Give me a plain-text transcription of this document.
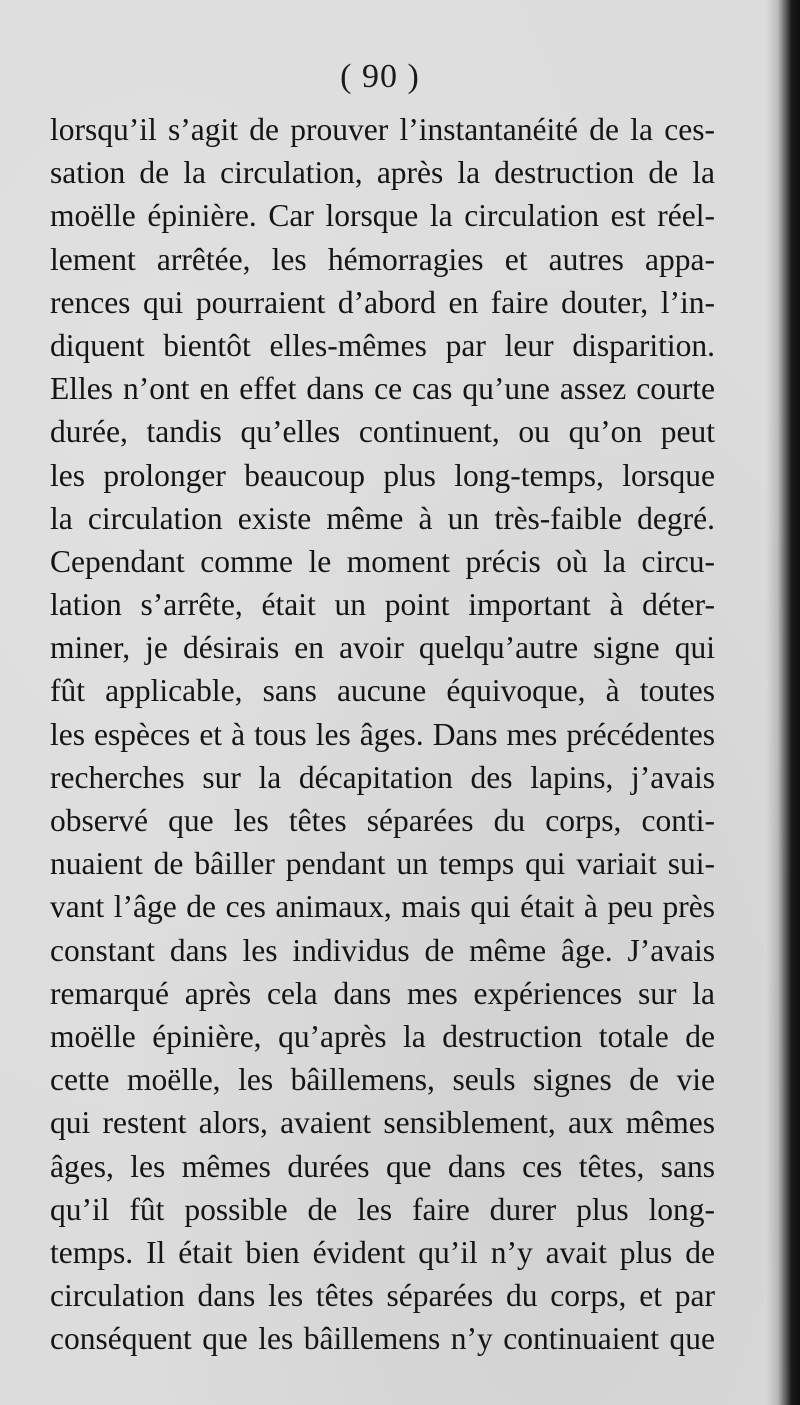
( 90 )
lorsqu’il s’agit de prouver l’instantanéité de la ces-
sation de la circulation, après la destruction de la
moëlle épinière. Car lorsque la circulation est réel-
lement arrêtée, les hémorragies et autres appa-
rences qui pourraient d’abord en faire douter, l’in-
diquent bientôt elles-mêmes par leur disparition.
Elles n’ont en effet dans ce cas qu’une assez courte
durée, tandis qu’elles continuent, ou qu’on peut
les prolonger beaucoup plus long-temps, lorsque
la circulation existe même à un très-faible degré.
Cependant comme le moment précis où la circu-
lation s’arrête, était un point important à déter-
miner, je désirais en avoir quelqu’autre signe qui
fût applicable, sans aucune équivoque, à toutes
les espèces et à tous les âges. Dans mes précédentes
recherches sur la décapitation des lapins, j’avais
observé que les têtes séparées du corps, conti-
nuaient de bâiller pendant un temps qui variait sui-
vant l’âge de ces animaux, mais qui était à peu près
constant dans les individus de même âge. J’avais
remarqué après cela dans mes expériences sur la
moëlle épinière, qu’après la destruction totale de
cette moëlle, les bâillemens, seuls signes de vie
qui restent alors, avaient sensiblement, aux mêmes
âges, les mêmes durées que dans ces têtes, sans
qu’il fût possible de les faire durer plus long-
temps. Il était bien évident qu’il n’y avait plus de
circulation dans les têtes séparées du corps, et par
conséquent que les bâillemens n’y continuaient que
